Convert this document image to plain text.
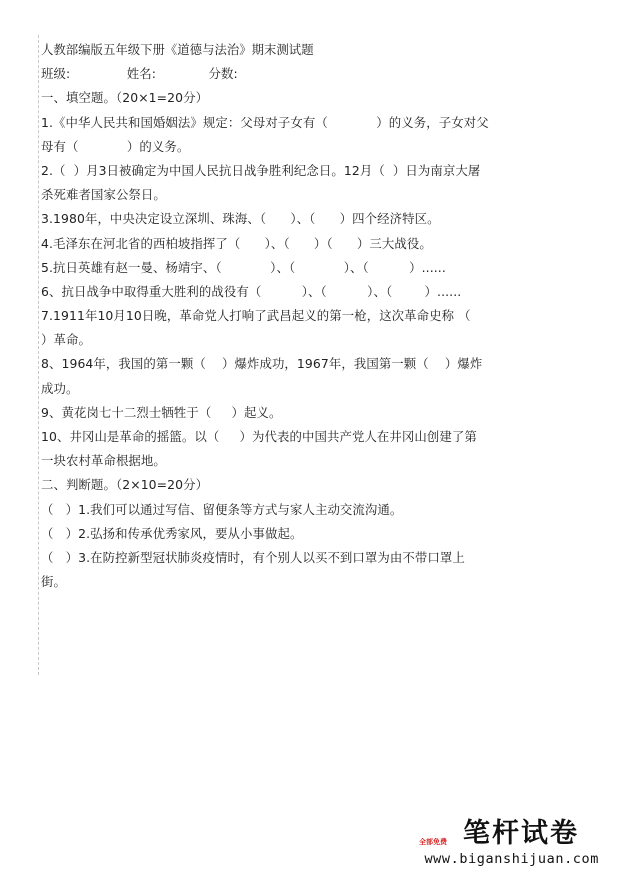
人教部编版五年级下册《道德与法治》期末测试题
班级:              姓名:             分数:
一、填空题。（20×1=20分）
1.《中华人民共和国婚姻法》规定：父母对子女有（            ）的义务，子女对父
母有（            ）的义务。
2.（  ）月3日被确定为中国人民抗日战争胜利纪念日。12月（  ）日为南京大屠
杀死难者国家公祭日。
3.1980年，中央决定设立深圳、珠海、（      ）、（      ）四个经济特区。
4.毛泽东在河北省的西柏坡指挥了（      ）、（      ）（      ）三大战役。
5.抗日英雄有赵一曼、杨靖宇、（            ）、（            ）、（          ）......
6、抗日战争中取得重大胜利的战役有（          ）、（          ）、（        ）......
7.1911年10月10日晚，革命党人打响了武昌起义的第一枪，这次革命史称 （
）革命。
8、1964年，我国的第一颗（    ）爆炸成功，1967年，我国第一颗（    ）爆炸
成功。
9、黄花岗七十二烈士牺牲于（     ）起义。
10、井冈山是革命的摇篮。以（     ）为代表的中国共产党人在井冈山创建了第
一块农村革命根据地。
二、判断题。（2×10=20分）
（   ）1.我们可以通过写信、留便条等方式与家人主动交流沟通。
（   ）2.弘扬和传承优秀家风，要从小事做起。
（   ）3.在防控新型冠状肺炎疫情时，有个别人以买不到口罩为由不带口罩上
街。
笔杆试卷
全部免费
www.biganshijuan.com
